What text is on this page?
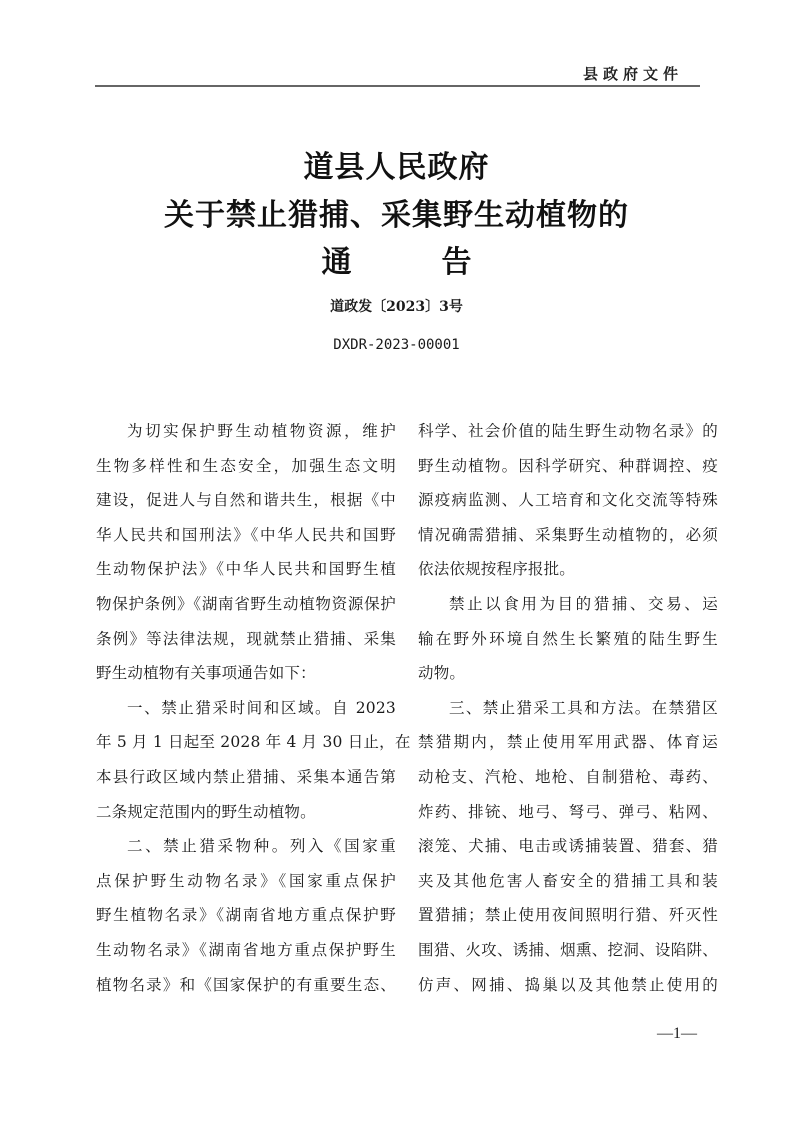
县政府文件
道县人民政府
关于禁止猎捕、采集野生动植物的
通	告
道政发〔2023〕3号
DXDR-2023-00001
为切实保护野生动植物资源，维护
生物多样性和生态安全，加强生态文明
建设，促进人与自然和谐共生，根据《中
华人民共和国刑法》《中华人民共和国野
生动物保护法》《中华人民共和国野生植
物保护条例》《湖南省野生动植物资源保护
条例》等法律法规，现就禁止猎捕、采集
野生动植物有关事项通告如下：
一、禁止猎采时间和区域。自 2023
年 5 月 1 日起至 2028 年 4 月 30 日止，在
本县行政区域内禁止猎捕、采集本通告第
二条规定范围内的野生动植物。
二、禁止猎采物种。列入《国家重
点保护野生动物名录》《国家重点保护
野生植物名录》《湖南省地方重点保护野
生动物名录》《湖南省地方重点保护野生
植物名录》和《国家保护的有重要生态、
科学、社会价值的陆生野生动物名录》的
野生动植物。因科学研究、种群调控、疫
源疫病监测、人工培育和文化交流等特殊
情况确需猎捕、采集野生动植物的，必须
依法依规按程序报批。
禁止以食用为目的猎捕、交易、运
输在野外环境自然生长繁殖的陆生野生
动物。
三、禁止猎采工具和方法。在禁猎区
禁猎期内，禁止使用军用武器、体育运
动枪支、汽枪、地枪、自制猎枪、毒药、
炸药、排铳、地弓、弩弓、弹弓、粘网、
滚笼、犬捕、电击或诱捕装置、猎套、猎
夹及其他危害人畜安全的猎捕工具和装
置猎捕；禁止使用夜间照明行猎、歼灭性
围猎、火攻、诱捕、烟熏、挖洞、设陷阱、
仿声、网捕、捣巢以及其他禁止使用的
—1—
